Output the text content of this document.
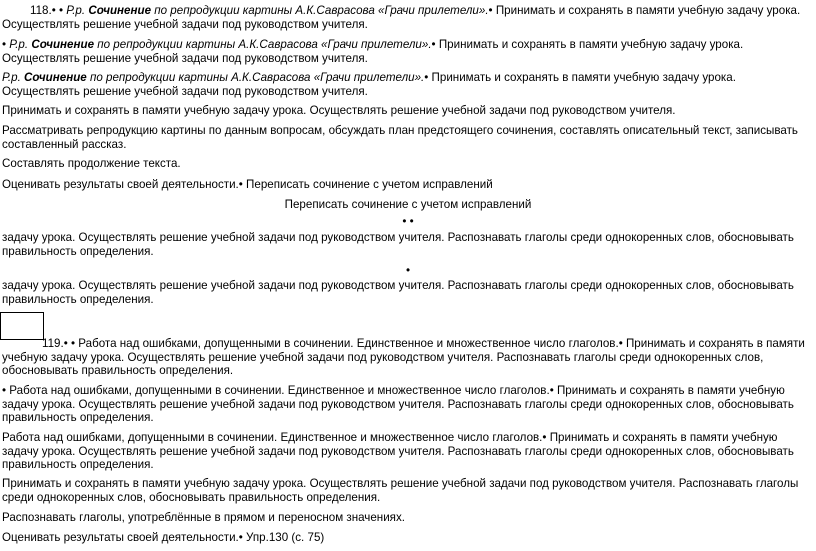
118.• • Р.р. Сочинение по репродукции картины А.К.Саврасова «Грачи прилетели».• Принимать и сохранять в памяти учебную задачу урока. Осуществлять решение учебной задачи под руководством учителя.
• Р.р. Сочинение по репродукции картины А.К.Саврасова «Грачи прилетели».• Принимать и сохранять в памяти учебную задачу урока. Осуществлять решение учебной задачи под руководством учителя.
Р.р. Сочинение по репродукции картины А.К.Саврасова «Грачи прилетели».• Принимать и сохранять в памяти учебную задачу урока. Осуществлять решение учебной задачи под руководством учителя.
Принимать и сохранять в памяти учебную задачу урока. Осуществлять решение учебной задачи под руководством учителя.
Рассматривать репродукцию картины по данным вопросам, обсуждать план предстоящего сочинения, составлять описательный текст, записывать составленный рассказ.
Составлять продолжение текста.
Оценивать результаты своей деятельности.• Переписать сочинение с учетом исправлений
Переписать сочинение с учетом исправлений
• •
задачу урока. Осуществлять решение учебной задачи под руководством учителя. Распознавать глаголы среди однокоренных слов, обосновывать правильность определения.
•
задачу урока. Осуществлять решение учебной задачи под руководством учителя. Распознавать глаголы среди однокоренных слов, обосновывать правильность определения.
119.• • Работа над ошибками, допущенными в сочинении. Единственное и множественное число глаголов.• Принимать и сохранять в памяти учебную задачу урока. Осуществлять решение учебной задачи под руководством учителя. Распознавать глаголы среди однокоренных слов, обосновывать правильность определения.
• Работа над ошибками, допущенными в сочинении. Единственное и множественное число глаголов.• Принимать и сохранять в памяти учебную задачу урока. Осуществлять решение учебной задачи под руководством учителя. Распознавать глаголы среди однокоренных слов, обосновывать правильность определения.
Работа над ошибками, допущенными в сочинении. Единственное и множественное число глаголов.• Принимать и сохранять в памяти учебную задачу урока. Осуществлять решение учебной задачи под руководством учителя. Распознавать глаголы среди однокоренных слов, обосновывать правильность определения.
Принимать и сохранять в памяти учебную задачу урока. Осуществлять решение учебной задачи под руководством учителя. Распознавать глаголы среди однокоренных слов, обосновывать правильность определения.
Распознавать глаголы, употреблённые в прямом и переносном значениях.
Оценивать результаты своей деятельности.• Упр.130 (с. 75)
